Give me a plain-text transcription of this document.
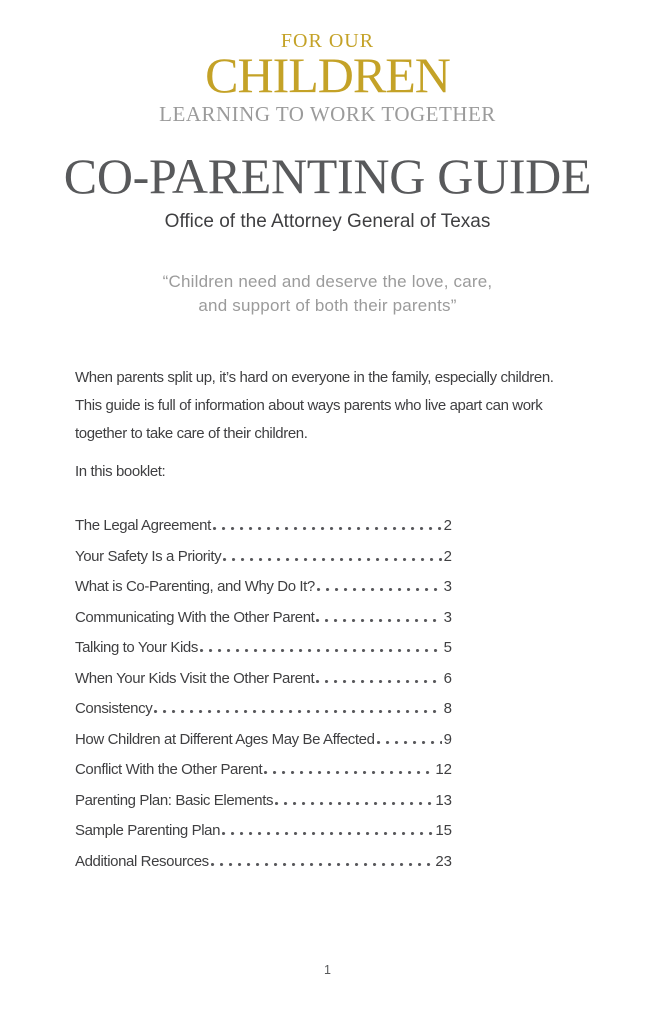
FOR OUR
CHILDREN
LEARNING TO WORK TOGETHER
CO-PARENTING GUIDE
Office of the Attorney General of Texas
“Children need and deserve the love, care,
and support of both their parents”
When parents split up, it’s hard on everyone in the family, especially children.
This guide is full of information about ways parents who live apart can work
together to take care of their children.
In this booklet:
The Legal Agreement	2
Your Safety Is a Priority	2
What is Co-Parenting, and Why Do It?	3
Communicating With the Other Parent	3
Talking to Your Kids	5
When Your Kids Visit the Other Parent	6
Consistency	8
How Children at Different Ages May Be Affected	9
Conflict With the Other Parent	12
Parenting Plan: Basic Elements	13
Sample Parenting Plan	15
Additional Resources	23
1
